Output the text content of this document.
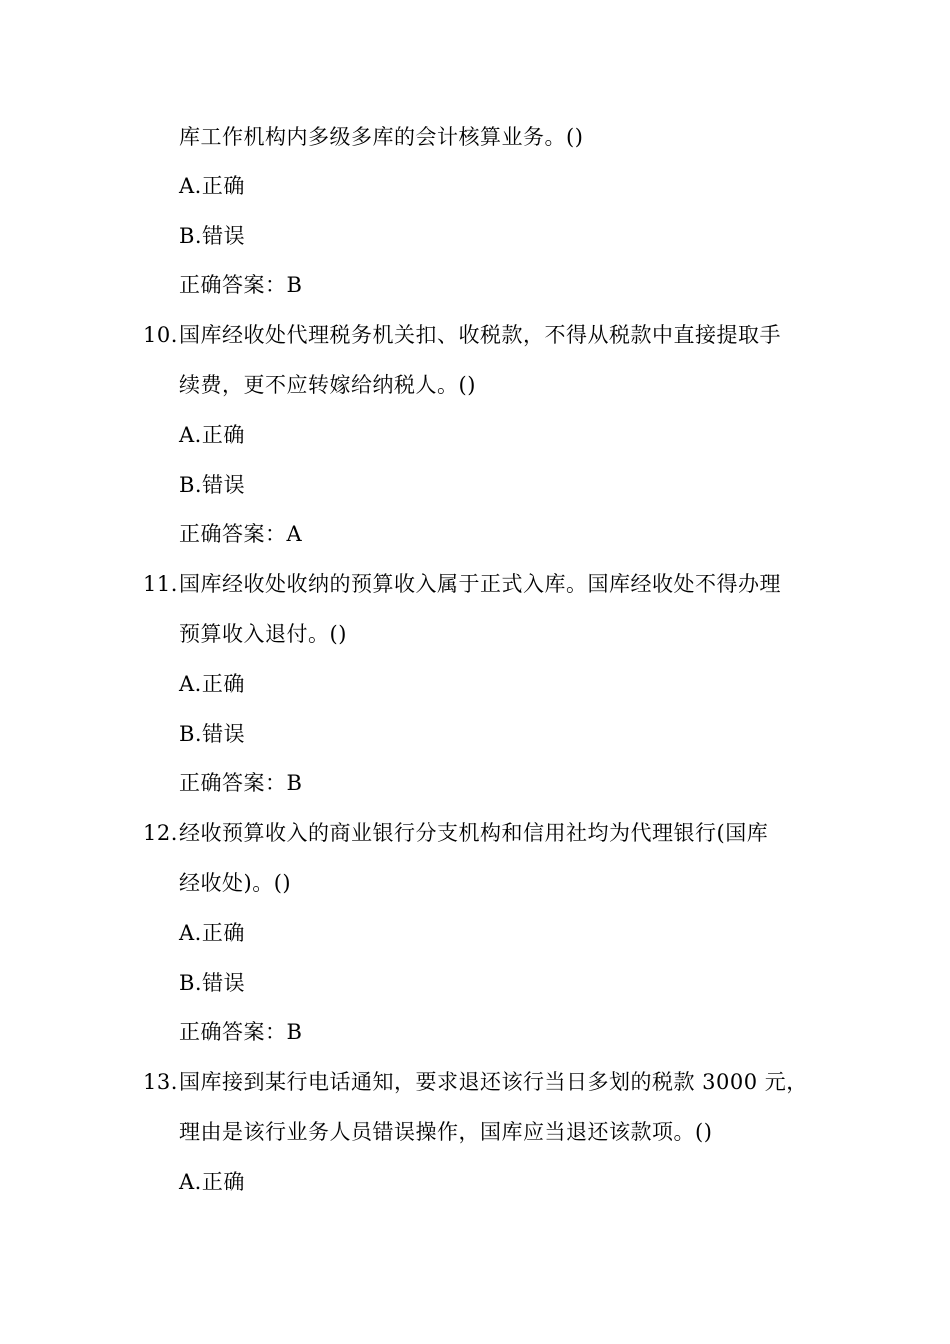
库工作机构内多级多库的会计核算业务。()
A.正确
B.错误
正确答案：B
10. 国库经收处代理税务机关扣、收税款，不得从税款中直接提取手
续费，更不应转嫁给纳税人。()
A.正确
B.错误
正确答案：A
11. 国库经收处收纳的预算收入属于正式入库。国库经收处不得办理
预算收入退付。()
A.正确
B.错误
正确答案：B
12. 经收预算收入的商业银行分支机构和信用社均为代理银行(国库
经收处)。()
A.正确
B.错误
正确答案：B
13. 国库接到某行电话通知，要求退还该行当日多划的税款 3000 元，
理由是该行业务人员错误操作，国库应当退还该款项。()
A.正确
